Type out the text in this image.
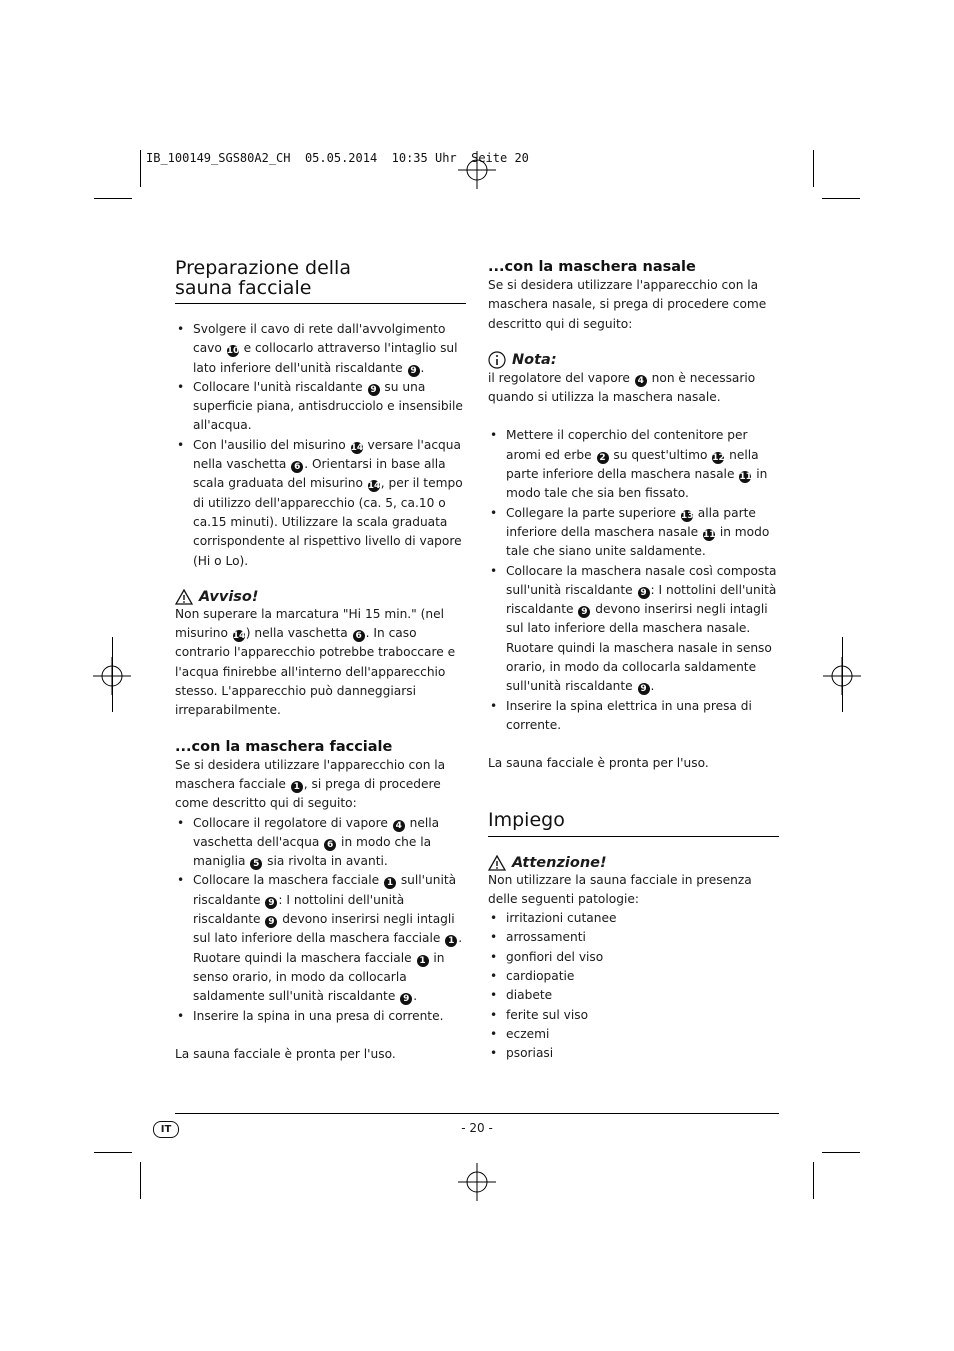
IB_100149_SGS80A2_CH  05.05.2014  10:35 Uhr  Seite 20
Preparazione della sauna facciale
• Svolgere il cavo di rete dall'avvolgimento cavo 10 e collocarlo attraverso l'intaglio sul lato inferiore dell'unità riscaldante 9 .
• Collocare l'unità riscaldante 9 su una superficie piana, antisdrucciolo e insensibile all'acqua.
• Con l'ausilio del misurino 14 versare l'acqua nella vaschetta 6 . Orientarsi in base alla scala graduata del misurino 14, per il tempo di utilizzo dell'apparecchio (ca. 5, ca.10 o ca.15 minuti). Utilizzare la scala graduata corrispondente al rispettivo livello di vapore (Hi o Lo).
Avviso!

Non superare la marcatura "Hi 15 min." (nel misurino 14) nella vaschetta 6 . In caso contrario l'apparecchio potrebbe traboccare e l'acqua finirebbe all'interno dell'apparecchio stesso. L'apparecchio può danneggiarsi irreparabilmente.

...con la maschera facciale

Se si desidera utilizzare l'apparecchio con la maschera facciale 1 , si prega di procedere come descritto qui di seguito:

• Collocare il regolatore di vapore 4 nella vaschetta dell'acqua 6 in modo che la maniglia 5 sia rivolta in avanti.
• Collocare la maschera facciale 1 sull'unità riscaldante 9 : I nottolini dell'unità riscaldante 9 devono inserirsi negli intagli sul lato inferiore della maschera facciale 1 . Ruotare quindi la maschera facciale 1 in senso orario, in modo da collocarla saldamente sull'unità riscaldante 9 .
• Inserire la spina in una presa di corrente.

La sauna facciale è pronta per l'uso.

...con la maschera nasale

Se si desidera utilizzare l'apparecchio con la maschera nasale, si prega di procedere come descritto qui di seguito:

Nota:

il regolatore del vapore 4 non è necessario quando si utilizza la maschera nasale.

• Mettere il coperchio del contenitore per aromi ed erbe 2 su quest'ultimo 12 nella parte inferiore della maschera nasale 11 in modo tale che sia ben fissato.
• Collegare la parte superiore 13 alla parte inferiore della maschera nasale 11 in modo tale che siano unite saldamente.
• Collocare la maschera nasale così composta sull'unità riscaldante 9 : I nottolini dell'unità riscaldante 9 devono inserirsi negli intagli sul lato inferiore della maschera nasale. Ruotare quindi la maschera nasale in senso orario, in modo da collocarla saldamente sull'unità riscaldante 9 .
• Inserire la spina elettrica in una presa di corrente.

La sauna facciale è pronta per l'uso.

Impiego
Attenzione!

Non utilizzare la sauna facciale in presenza delle seguenti patologie:

• irritazioni cutanee
• arrossamenti
• gonfiori del viso
• cardiopatie
• diabete
• ferite sul viso
• eczemi
• psoriasi
IT	- 20 -
